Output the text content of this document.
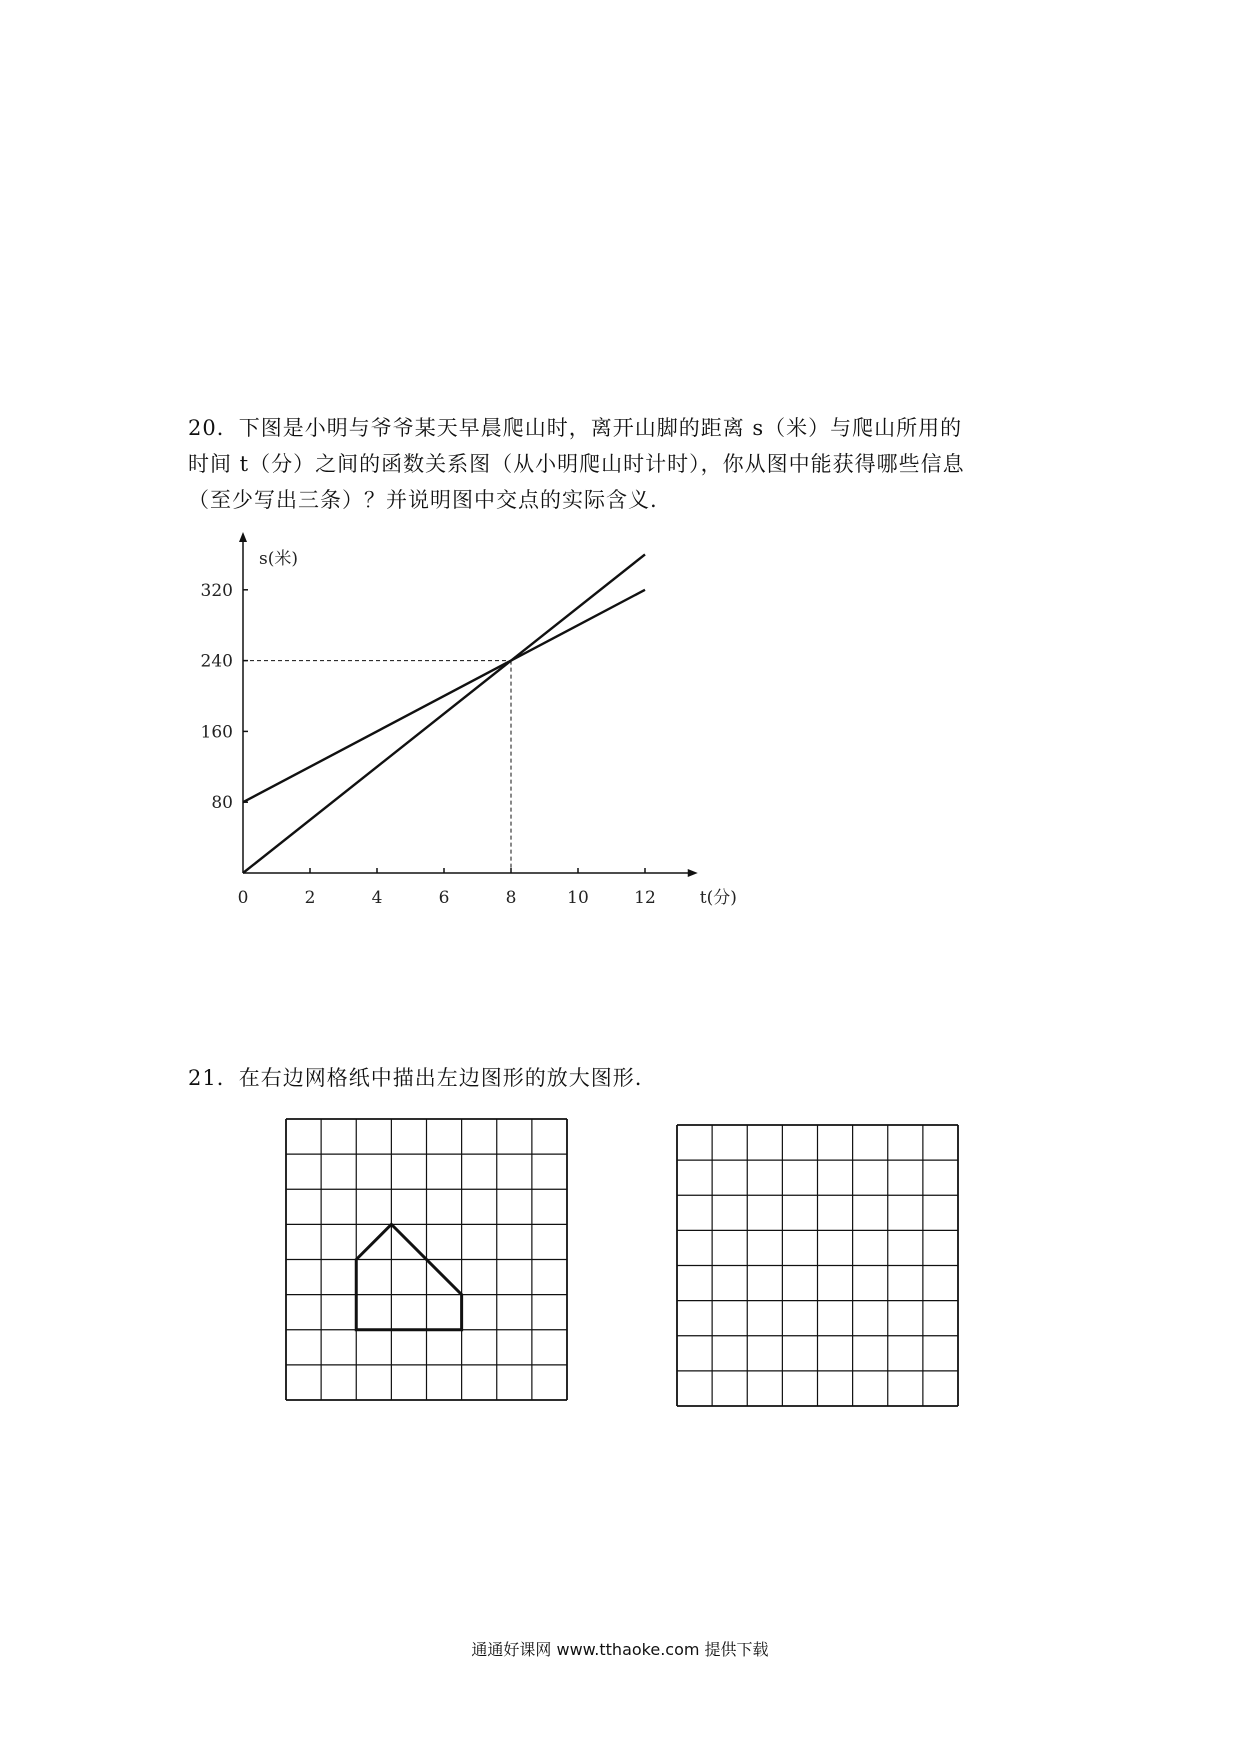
20．下图是小明与爷爷某天早晨爬山时，离开山脚的距离 s（米）与爬山所用的
时间 t（分）之间的函数关系图（从小明爬山时计时），你从图中能获得哪些信息
（至少写出三条）？并说明图中交点的实际含义.
0	2	4	6	8	10	12
80
160
240
320
s(米)
t(分)
21．在右边网格纸中描出左边图形的放大图形.
通通好课网 www.tthaoke.com 提供下载
